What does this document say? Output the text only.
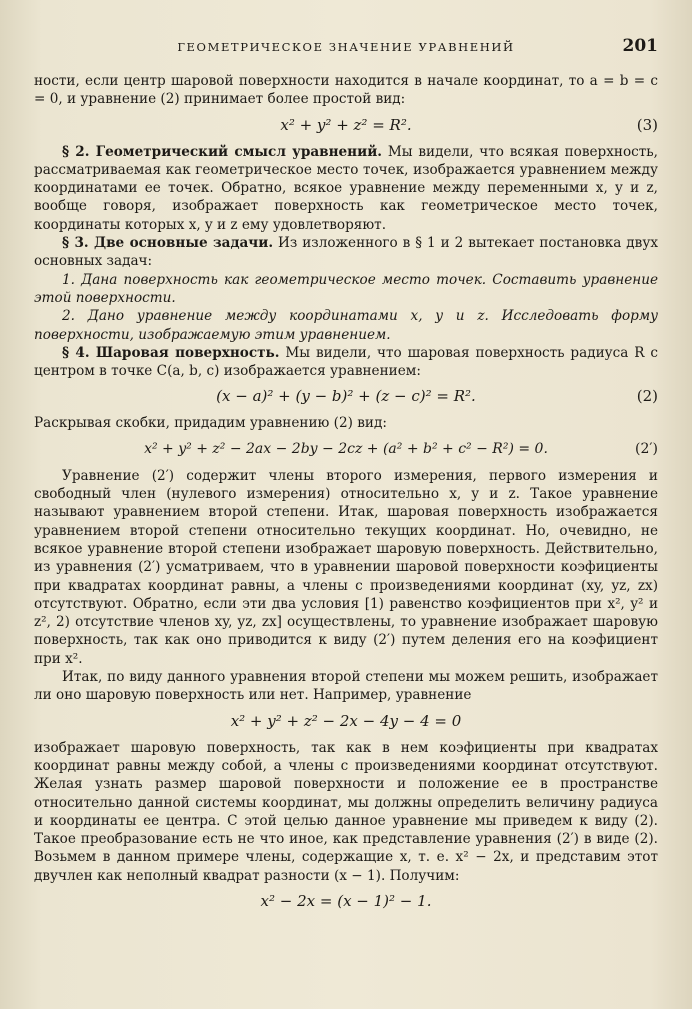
ГЕОМЕТРИЧЕСКОЕ ЗНАЧЕНИЕ УРАВНЕНИЙ	201

ности, если центр шаровой поверхности находится в начале координат, то a = b = c = 0, и уравнение (2) принимает более простой вид:

x² + y² + z² = R².	(3)

§ 2. Геометрический смысл уравнений. Мы видели, что всякая поверхность, рассматриваемая как геометрическое место точек, изображается уравнением между координатами ее точек. Обратно, всякое уравнение между переменными x, y и z, вообще говоря, изображает поверхность как геометрическое место точек, координаты которых x, y и z ему удовлетворяют.

§ 3. Две основные задачи. Из изложенного в § 1 и 2 вытекает постановка двух основных задач:

1. Дана поверхность как геометрическое место точек. Составить уравнение этой поверхности.

2. Дано уравнение между координатами x, y и z. Исследовать форму поверхности, изображаемую этим уравнением.

§ 4. Шаровая поверхность. Мы видели, что шаровая поверхность радиуса R с центром в точке C(a, b, c) изображается уравнением:

(x − a)² + (y − b)² + (z − c)² = R².	(2)

Раскрывая скобки, придадим уравнению (2) вид:

x² + y² + z² − 2ax − 2by − 2cz + (a² + b² + c² − R²) = 0.	(2′)

Уравнение (2′) содержит члены второго измерения, первого измерения и свободный член (нулевого измерения) относительно x, y и z. Такое уравнение называют уравнением второй степени. Итак, шаровая поверхность изображается уравнением второй степени относительно текущих координат. Но, очевидно, не всякое уравнение второй степени изображает шаровую поверхность. Действительно, из уравнения (2′) усматриваем, что в уравнении шаровой поверхности коэфициенты при квадратах координат равны, а члены с произведениями координат (xy, yz, zx) отсутствуют. Обратно, если эти два условия [1) равенство коэфициентов при x², y² и z², 2) отсутствие членов xy, yz, zx] осуществлены, то уравнение изображает шаровую поверхность, так как оно приводится к виду (2′) путем деления его на коэфициент при x².

Итак, по виду данного уравнения второй степени мы можем решить, изображает ли оно шаровую поверхность или нет. Например, уравнение

x² + y² + z² − 2x − 4y − 4 = 0

изображает шаровую поверхность, так как в нем коэфициенты при квадратах координат равны между собой, а члены с произведениями координат отсутствуют. Желая узнать размер шаровой поверхности и положение ее в пространстве относительно данной системы координат, мы должны определить величину радиуса и координаты ее центра. С этой целью данное уравнение мы приведем к виду (2). Такое преобразование есть не что иное, как представление уравнения (2′) в виде (2). Возьмем в данном примере члены, содержащие x, т. е. x² − 2x, и представим этот двучлен как неполный квадрат разности (x − 1). Получим:

x² − 2x = (x − 1)² − 1.
